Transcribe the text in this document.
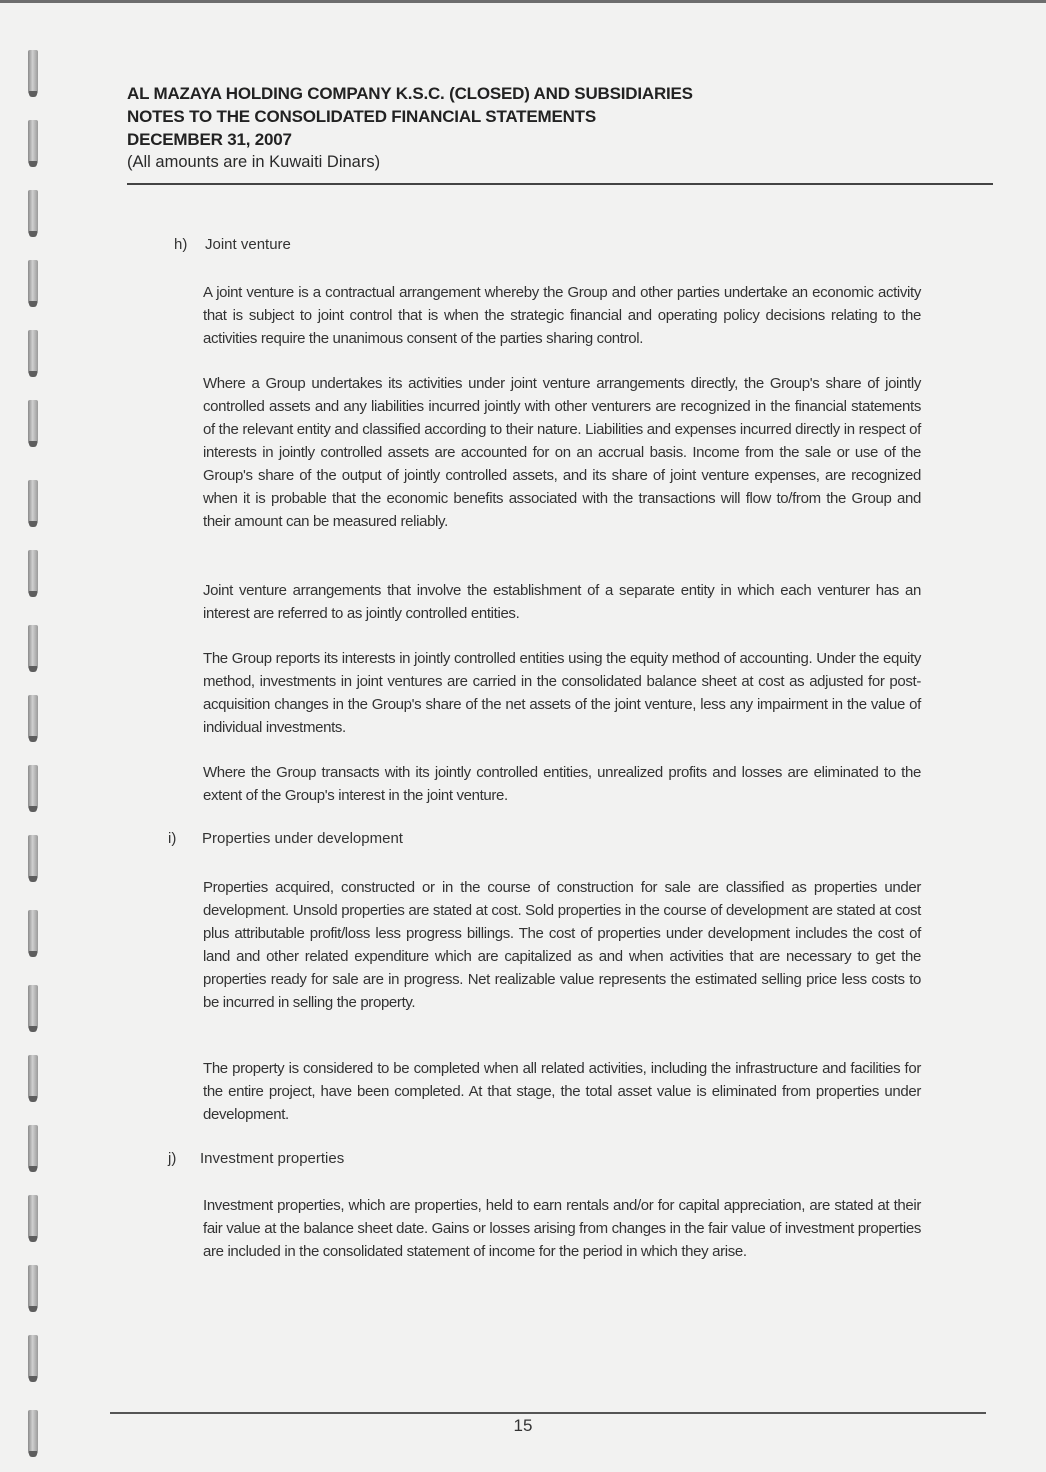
AL MAZAYA HOLDING COMPANY K.S.C. (CLOSED) AND SUBSIDIARIES
NOTES TO THE CONSOLIDATED FINANCIAL STATEMENTS
DECEMBER 31, 2007
(All amounts are in Kuwaiti Dinars)
h) Joint venture
A joint venture is a contractual arrangement whereby the Group and other parties undertake an economic activity that is subject to joint control that is when the strategic financial and operating policy decisions relating to the activities require the unanimous consent of the parties sharing control.
Where a Group undertakes its activities under joint venture arrangements directly, the Group's share of jointly controlled assets and any liabilities incurred jointly with other venturers are recognized in the financial statements of the relevant entity and classified according to their nature. Liabilities and expenses incurred directly in respect of interests in jointly controlled assets are accounted for on an accrual basis. Income from the sale or use of the Group's share of the output of jointly controlled assets, and its share of joint venture expenses, are recognized when it is probable that the economic benefits associated with the transactions will flow to/from the Group and their amount can be measured reliably.
Joint venture arrangements that involve the establishment of a separate entity in which each venturer has an interest are referred to as jointly controlled entities.
The Group reports its interests in jointly controlled entities using the equity method of accounting. Under the equity method, investments in joint ventures are carried in the consolidated balance sheet at cost as adjusted for post-acquisition changes in the Group's share of the net assets of the joint venture, less any impairment in the value of individual investments.
Where the Group transacts with its jointly controlled entities, unrealized profits and losses are eliminated to the extent of the Group's interest in the joint venture.
i) Properties under development
Properties acquired, constructed or in the course of construction for sale are classified as properties under development. Unsold properties are stated at cost. Sold properties in the course of development are stated at cost plus attributable profit/loss less progress billings. The cost of properties under development includes the cost of land and other related expenditure which are capitalized as and when activities that are necessary to get the properties ready for sale are in progress. Net realizable value represents the estimated selling price less costs to be incurred in selling the property.
The property is considered to be completed when all related activities, including the infrastructure and facilities for the entire project, have been completed. At that stage, the total asset value is eliminated from properties under development.
j) Investment properties
Investment properties, which are properties, held to earn rentals and/or for capital appreciation, are stated at their fair value at the balance sheet date. Gains or losses arising from changes in the fair value of investment properties are included in the consolidated statement of income for the period in which they arise.
15
